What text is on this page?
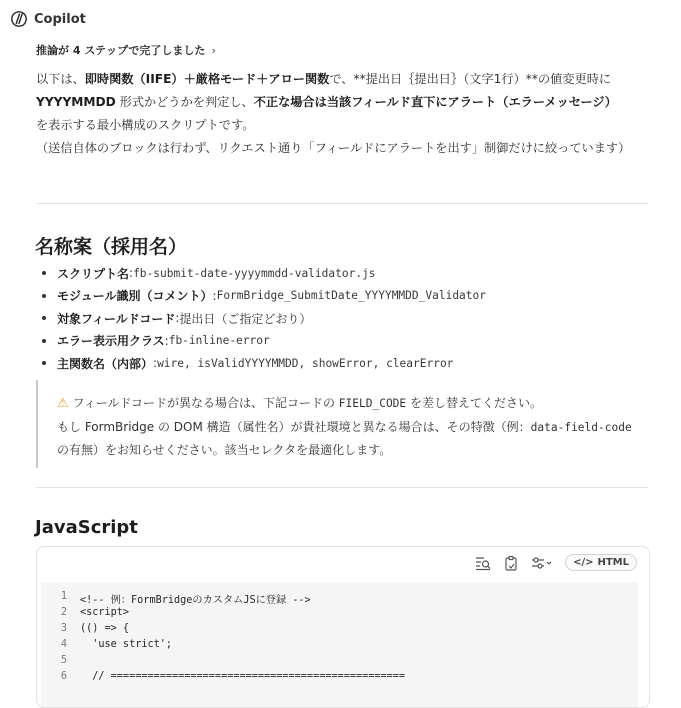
Copilot
推論が 4 ステップで完了しました ›
以下は、即時関数（IIFE）＋厳格モード＋アロー関数で、**提出日｛提出日｝（文字1行）**の値変更時に
YYYYMMDD 形式かどうかを判定し、不正な場合は当該フィールド直下にアラート（エラーメッセージ）
を表示する最小構成のスクリプトです。
（送信自体のブロックは行わず、リクエスト通り「フィールドにアラートを出す」制御だけに絞っています）
名称案（採用名）
スクリプト名 : fb-submit-date-yyyymmdd-validator.js
モジュール識別（コメント） : FormBridge_SubmitDate_YYYYMMDD_Validator
対象フィールドコード : 提出日（ご指定どおり）
エラー表示用クラス : fb-inline-error
主関数名（内部） : wire, isValidYYYYMMDD, showError, clearError
⚠ フィールドコードが異なる場合は、下記コードの FIELD_CODE を差し替えてください。
もし FormBridge の DOM 構造（属性名）が貴社環境と異なる場合は、その特徴（例：data-field-code の有無）をお知らせください。該当セレクタを最適化します。
JavaScript
</> HTML
1	<!-- 例：FormBridgeのカスタムJSに登録 -->
2	<script>
3	(() => {
4	'use strict';
5
6	// ================================================
